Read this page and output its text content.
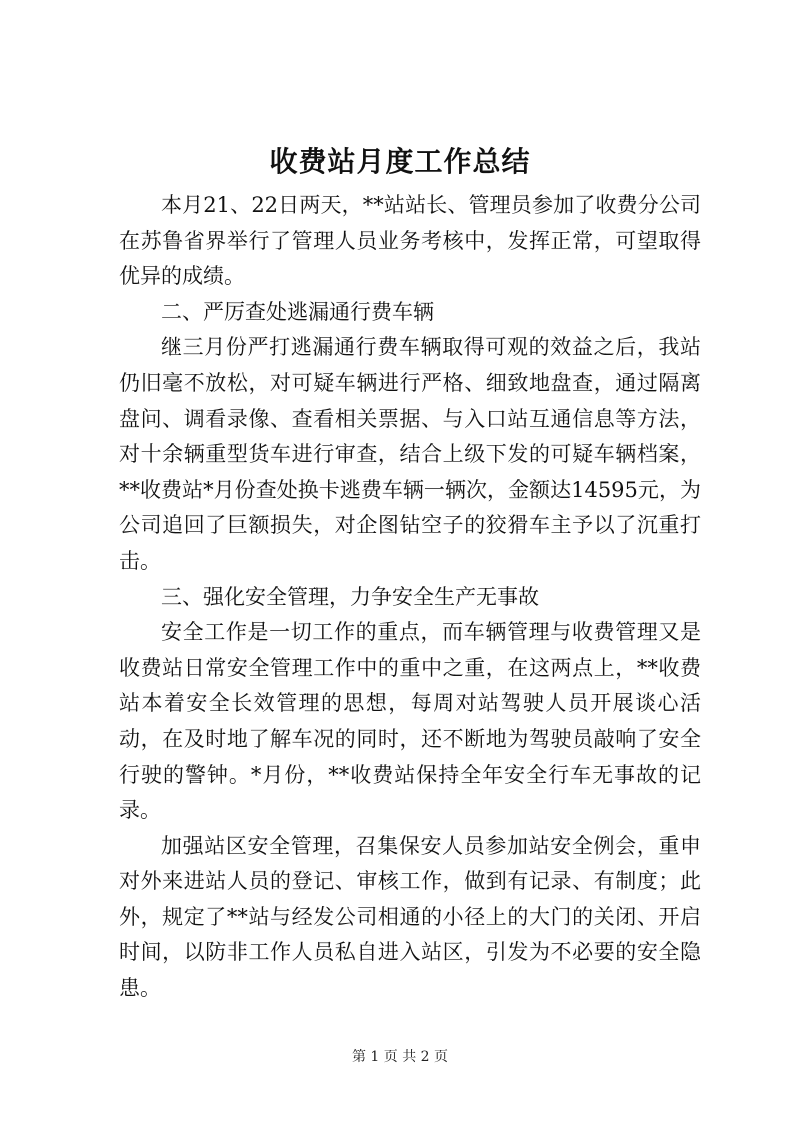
收费站月度工作总结

本月21、22日两天，**站站长、管理员参加了收费分公司在苏鲁省界举行了管理人员业务考核中，发挥正常，可望取得优异的成绩。

二、严厉查处逃漏通行费车辆

继三月份严打逃漏通行费车辆取得可观的效益之后，我站仍旧毫不放松，对可疑车辆进行严格、细致地盘查，通过隔离盘问、调看录像、查看相关票据、与入口站互通信息等方法，对十余辆重型货车进行审查，结合上级下发的可疑车辆档案，**收费站*月份查处换卡逃费车辆一辆次，金额达14595元，为公司追回了巨额损失，对企图钻空子的狡猾车主予以了沉重打击。

三、强化安全管理，力争安全生产无事故

安全工作是一切工作的重点，而车辆管理与收费管理又是收费站日常安全管理工作中的重中之重，在这两点上，**收费站本着安全长效管理的思想，每周对站驾驶人员开展谈心活动，在及时地了解车况的同时，还不断地为驾驶员敲响了安全行驶的警钟。*月份，**收费站保持全年安全行车无事故的记录。

加强站区安全管理，召集保安人员参加站安全例会，重申对外来进站人员的登记、审核工作，做到有记录、有制度；此外，规定了**站与经发公司相通的小径上的大门的关闭、开启时间，以防非工作人员私自进入站区，引发为不必要的安全隐患。

第 1 页 共 2 页
